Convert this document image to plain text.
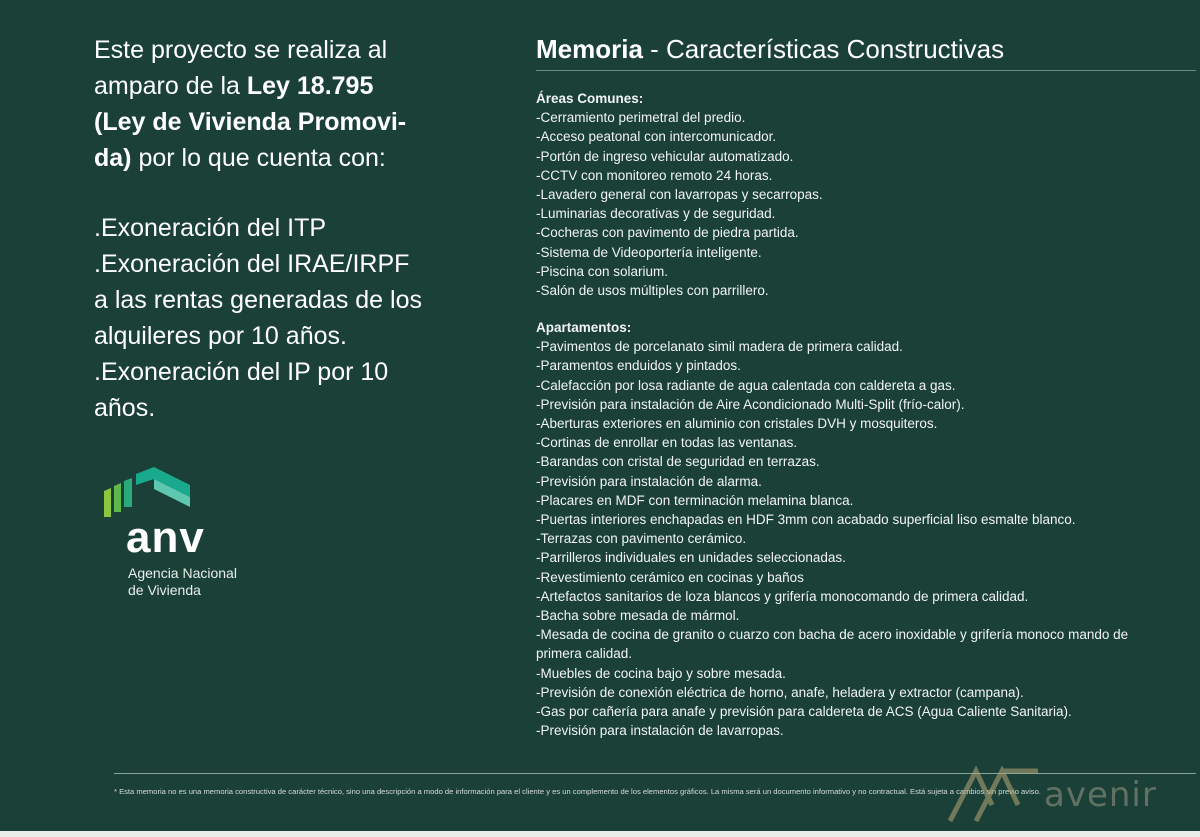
Este proyecto se realiza al
amparo de la Ley 18.795
(Ley de Vivienda Promovi-
da) por lo que cuenta con:

.Exoneración del ITP
.Exoneración del IRAE/IRPF
a las rentas generadas de los
alquileres por 10 años.
.Exoneración del IP por 10
años.
anv
Agencia Nacional
de Vivienda
Memoria - Características Constructivas
Áreas Comunes:
-Cerramiento perimetral del predio.
-Acceso peatonal con intercomunicador.
-Portón de ingreso vehicular automatizado.
-CCTV con monitoreo remoto 24 horas.
-Lavadero general con lavarropas y secarropas.
-Luminarias decorativas y de seguridad.
-Cocheras con pavimento de piedra partida.
-Sistema de Videoportería inteligente.
-Piscina con solarium.
-Salón de usos múltiples con parrillero.
Apartamentos:
-Pavimentos de porcelanato simil madera de primera calidad.
-Paramentos enduidos y pintados.
-Calefacción por losa radiante de agua calentada con caldereta a gas.
-Previsión para instalación de Aire Acondicionado Multi-Split (frío-calor).
-Aberturas exteriores en aluminio con cristales DVH y mosquiteros.
-Cortinas de enrollar en todas las ventanas.
-Barandas con cristal de seguridad en terrazas.
-Previsión para instalación de alarma.
-Placares en MDF con terminación melamina blanca.
-Puertas interiores enchapadas en HDF 3mm con acabado superficial liso esmalte blanco.
-Terrazas con pavimento cerámico.
-Parrilleros individuales en unidades seleccionadas.
-Revestimiento cerámico en cocinas y baños
-Artefactos sanitarios de loza blancos y grifería monocomando de primera calidad.
-Bacha sobre mesada de mármol.
-Mesada de cocina de granito o cuarzo con bacha de acero inoxidable y grifería monoco mando de primera calidad.
-Muebles de cocina bajo y sobre mesada.
-Previsión de conexión eléctrica de horno, anafe, heladera y extractor (campana).
-Gas por cañería para anafe y previsión para caldereta de ACS (Agua Caliente Sanitaria).
-Previsión para instalación de lavarropas.
* Esta memoria no es una memoria constructiva de carácter técnico, sino una descripción a modo de información para el cliente y es un complemento de los elementos gráficos. La misma será un documento informativo y no contractual. Está sujeta a cambios sin previo aviso. avenir
